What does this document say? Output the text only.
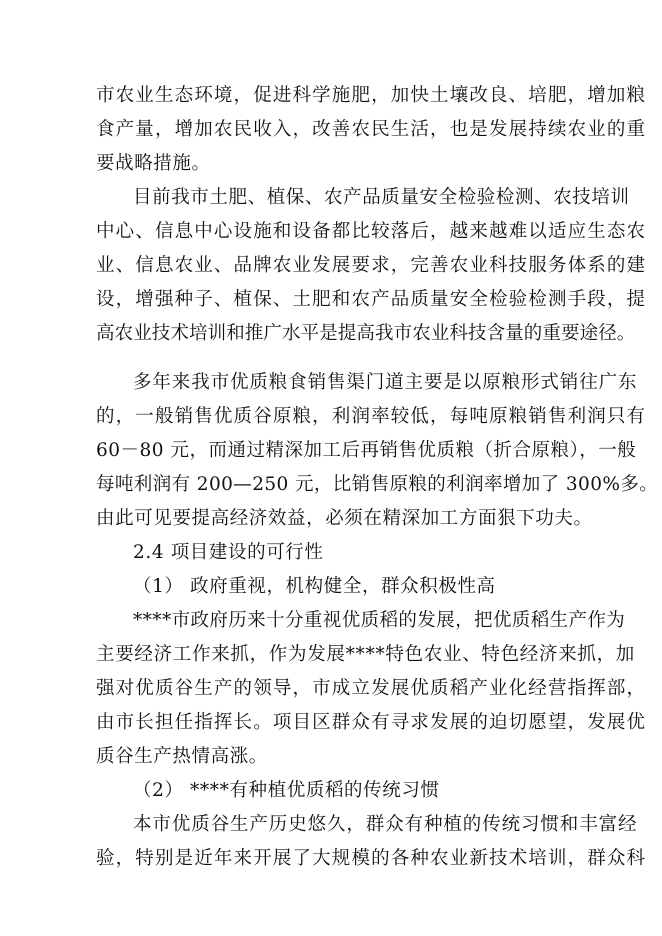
市农业生态环境，促进科学施肥，加快土壤改良、培肥，增加粮
食产量，增加农民收入，改善农民生活，也是发展持续农业的重
要战略措施。
目前我市土肥、植保、农产品质量安全检验检测、农技培训
中心、信息中心设施和设备都比较落后，越来越难以适应生态农
业、信息农业、品牌农业发展要求，完善农业科技服务体系的建
设，增强种子、植保、土肥和农产品质量安全检验检测手段，提
高农业技术培训和推广水平是提高我市农业科技含量的重要途径。
多年来我市优质粮食销售渠门道主要是以原粮形式销往广东
的，一般销售优质谷原粮，利润率较低，每吨原粮销售利润只有
60－80 元，而通过精深加工后再销售优质粮（折合原粮），一般
每吨利润有 200—250 元，比销售原粮的利润率增加了 300%多。
由此可见要提高经济效益，必须在精深加工方面狠下功夫。
2.4 项目建设的可行性
（1） 政府重视，机构健全，群众积极性高
****市政府历来十分重视优质稻的发展，把优质稻生产作为
主要经济工作来抓，作为发展****特色农业、特色经济来抓，加
强对优质谷生产的领导，市成立发展优质稻产业化经营指挥部，
由市长担任指挥长。项目区群众有寻求发展的迫切愿望，发展优
质谷生产热情高涨。
（2） ****有种植优质稻的传统习惯
本市优质谷生产历史悠久，群众有种植的传统习惯和丰富经
验，特别是近年来开展了大规模的各种农业新技术培训，群众科
